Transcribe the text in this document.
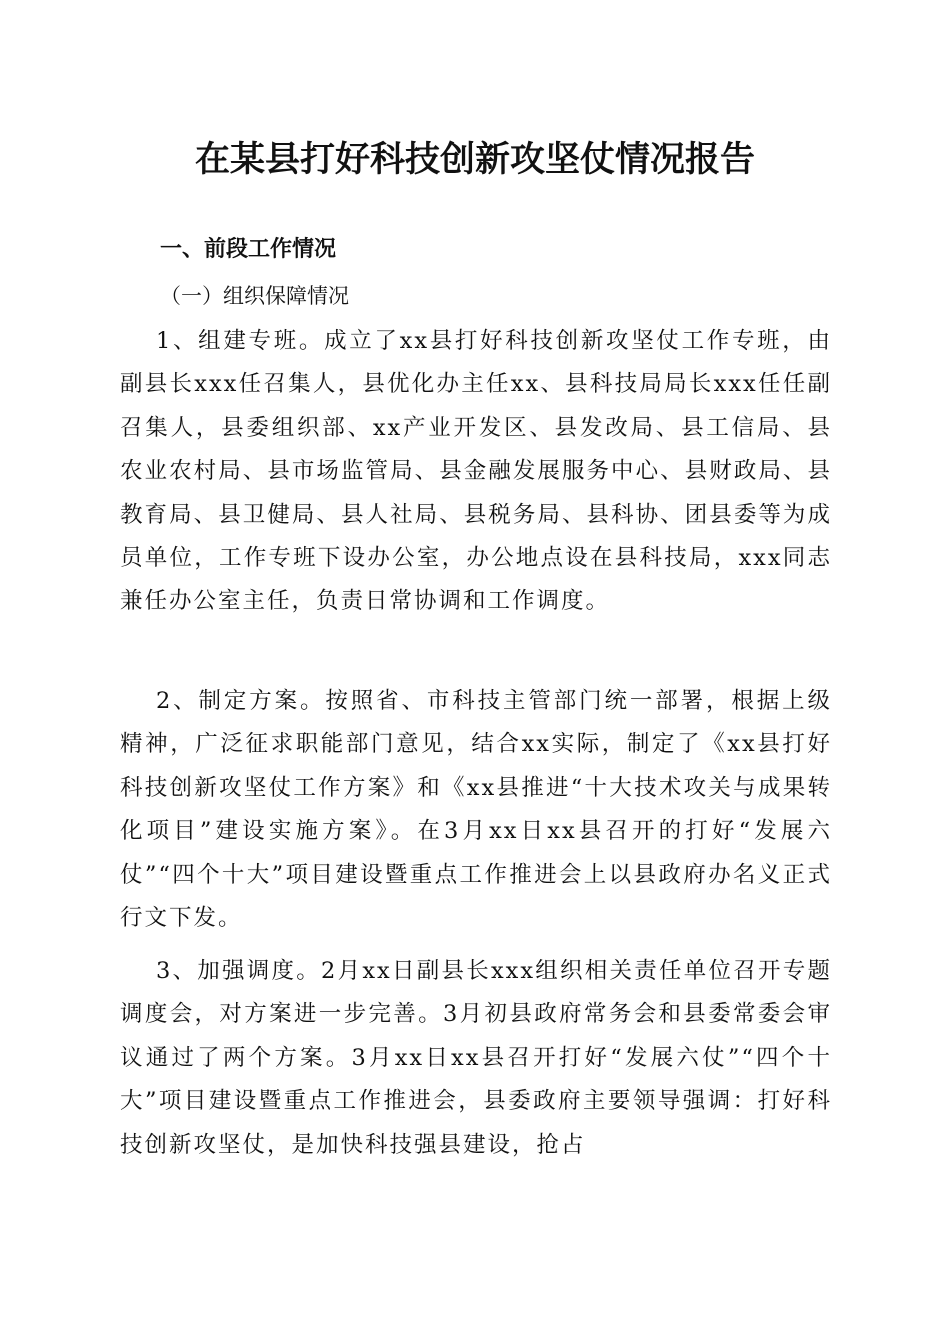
在某县打好科技创新攻坚仗情况报告
一、前段工作情况
（一）组织保障情况

1、组建专班。成立了xx县打好科技创新攻坚仗工作专班，由副县长xxx任召集人，县优化办主任xx、县科技局局长xxx任任副召集人，县委组织部、xx产业开发区、县发改局、县工信局、县农业农村局、县市场监管局、县金融发展服务中心、县财政局、县教育局、县卫健局、县人社局、县税务局、县科协、团县委等为成员单位，工作专班下设办公室，办公地点设在县科技局，xxx同志兼任办公室主任，负责日常协调和工作调度。

2、制定方案。按照省、市科技主管部门统一部署，根据上级精神，广泛征求职能部门意见，结合xx实际，制定了《xx县打好科技创新攻坚仗工作方案》和《xx县推进“十大技术攻关与成果转化项目”建设实施方案》。在3月xx日xx县召开的打好“发展六仗”“四个十大”项目建设暨重点工作推进会上以县政府办名义正式行文下发。

3、加强调度。2月xx日副县长xxx组织相关责任单位召开专题调度会，对方案进一步完善。3月初县政府常务会和县委常委会审议通过了两个方案。3月xx日xx县召开打好“发展六仗”“四个十大”项目建设暨重点工作推进会，县委政府主要领导强调：打好科技创新攻坚仗，是加快科技强县建设，抢占
